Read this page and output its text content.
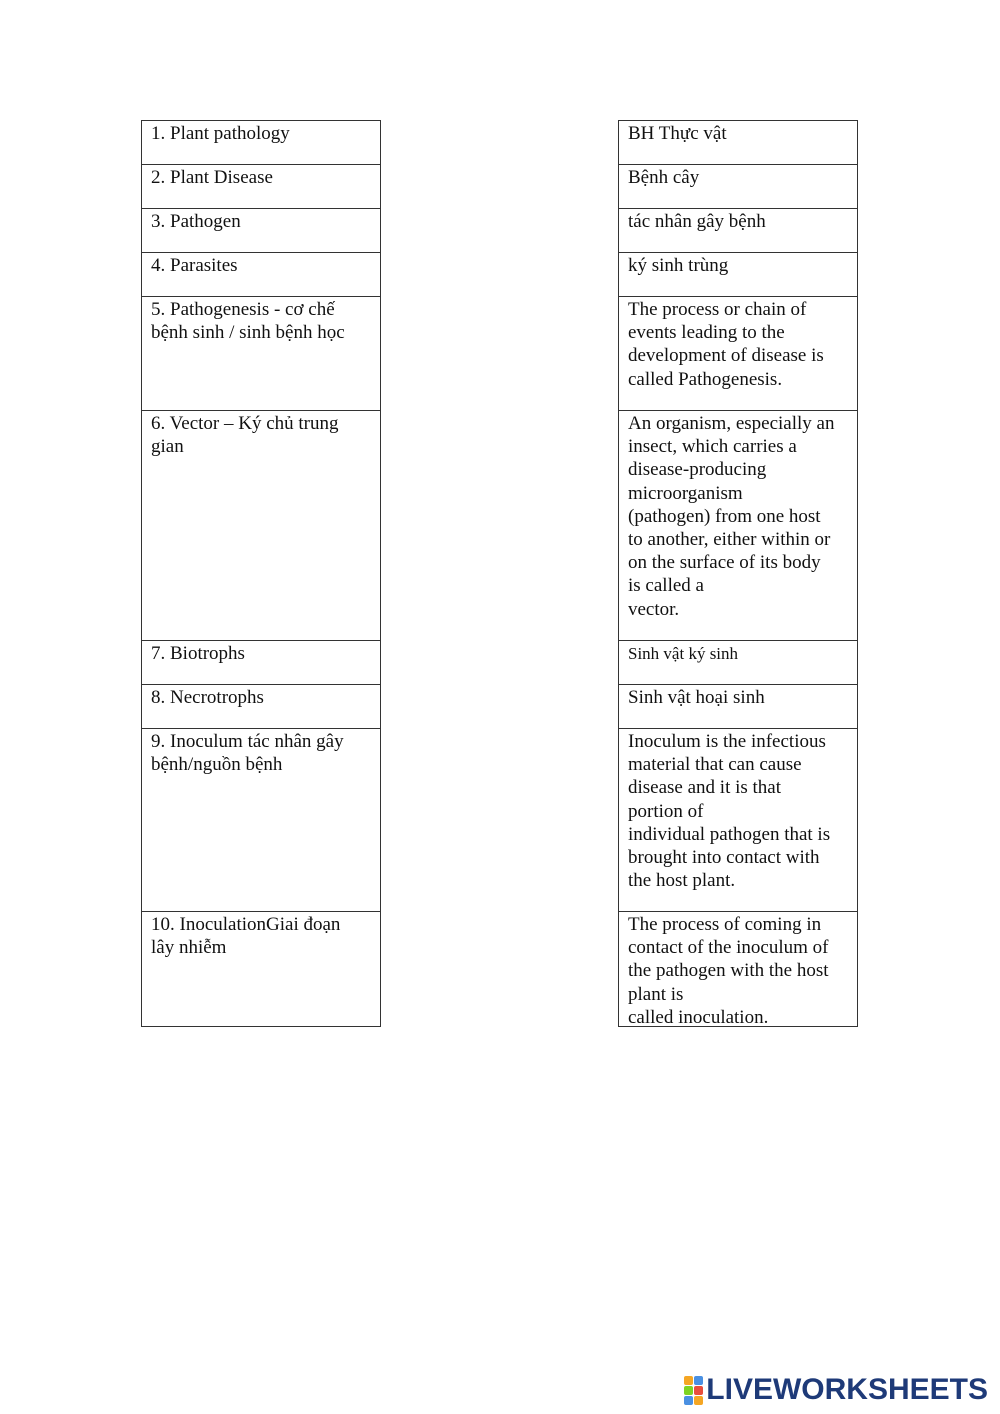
1. Plant pathology
2. Plant Disease
3. Pathogen
4. Parasites
5. Pathogenesis - cơ chế
bệnh sinh / sinh bệnh học
6. Vector – Ký chủ trung
gian
7. Biotrophs
8. Necrotrophs
9. Inoculum tác nhân gây
bệnh/nguồn bệnh
10. InoculationGiai đoạn
lây nhiễm
BH Thực vật
Bệnh cây
tác nhân gây bệnh
ký sinh trùng
The process or chain of
events leading to the
development of disease is
called Pathogenesis.
An organism, especially an
insect, which carries a
disease-producing
microorganism
(pathogen) from one host
to another, either within or
on the surface of its body
is called a
vector.
Sinh vật ký sinh
Sinh vật hoại sinh
Inoculum is the infectious
material that can cause
disease and it is that
portion of
individual pathogen that is
brought into contact with
the host plant.
The process of coming in
contact of the inoculum of
the pathogen with the host
plant is
called inoculation.
LIVEWORKSHEETS
